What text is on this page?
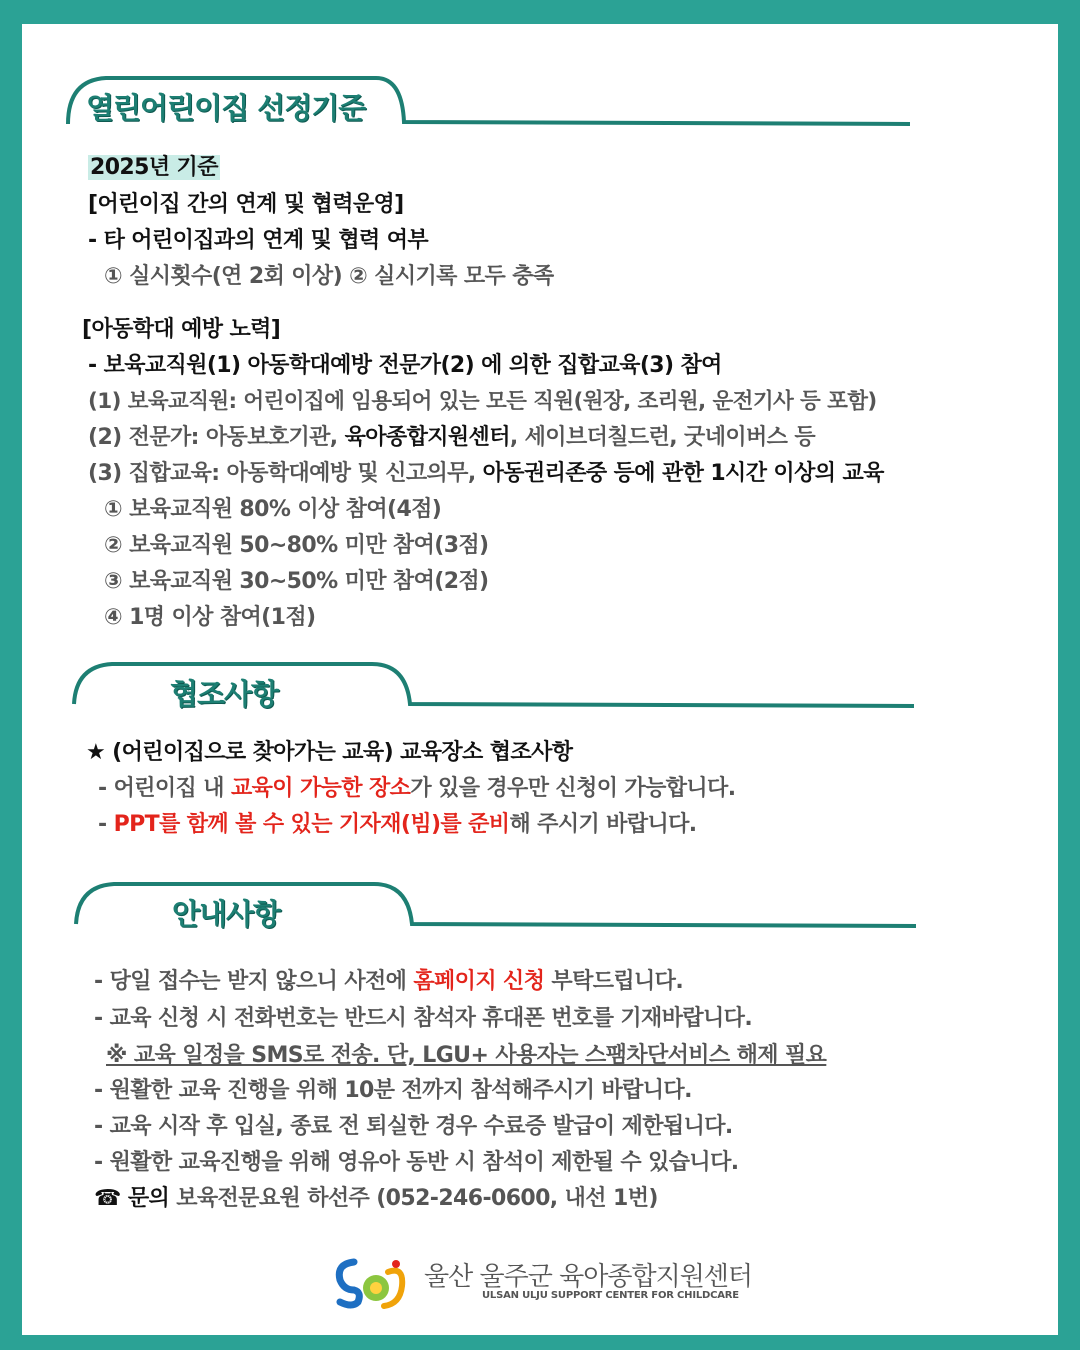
열린어린이집 선정기준
2025년 기준
[어린이집 간의 연계 및 협력운영]
- 타 어린이집과의 연계 및 협력 여부
① 실시횟수(연 2회 이상) ② 실시기록 모두 충족
[아동학대 예방 노력]
- 보육교직원(1) 아동학대예방 전문가(2) 에 의한 집합교육(3) 참여
(1) 보육교직원: 어린이집에 임용되어 있는 모든 직원(원장, 조리원, 운전기사 등 포함)
(2) 전문가: 아동보호기관, 육아종합지원센터, 세이브더칠드런, 굿네이버스 등
(3) 집합교육: 아동학대예방 및 신고의무, 아동권리존중 등에 관한 1시간 이상의 교육
① 보육교직원 80% 이상 참여(4점)
② 보육교직원 50~80% 미만 참여(3점)
③ 보육교직원 30~50% 미만 참여(2점)
④ 1명 이상 참여(1점)
협조사항
★ (어린이집으로 찾아가는 교육) 교육장소 협조사항
- 어린이집 내 교육이 가능한 장소가 있을 경우만 신청이 가능합니다.
- PPT를 함께 볼 수 있는 기자재(빔)를 준비해 주시기 바랍니다.
안내사항
- 당일 접수는 받지 않으니 사전에 홈페이지 신청 부탁드립니다.
- 교육 신청 시 전화번호는 반드시 참석자 휴대폰 번호를 기재바랍니다.
※ 교육 일정을 SMS로 전송. 단, LGU+ 사용자는 스팸차단서비스 해제 필요
- 원활한 교육 진행을 위해 10분 전까지 참석해주시기 바랍니다.
- 교육 시작 후 입실, 종료 전 퇴실한 경우 수료증 발급이 제한됩니다.
- 원활한 교육진행을 위해 영유아 동반 시 참석이 제한될 수 있습니다.
☎ 문의 보육전문요원 하선주 (052-246-0600, 내선 1번)
울산 울주군 육아종합지원센터
ULSAN ULJU SUPPORT CENTER FOR CHILDCARE
